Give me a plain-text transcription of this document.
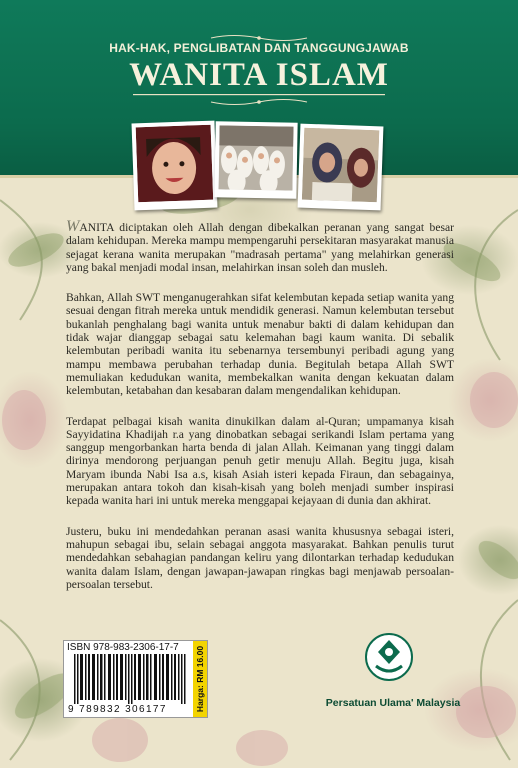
HAK-HAK, PENGLIBATAN DAN TANGGUNGJAWAB
WANITA ISLAM

WANITA diciptakan oleh Allah dengan dibekalkan peranan yang sangat besar dalam kehidupan. Mereka mampu mempengaruhi persekitaran masyarakat manusia sejagat kerana wanita merupakan "madrasah pertama" yang melahirkan generasi yang bakal menjadi modal insan, melahirkan insan soleh dan musleh.

Bahkan, Allah SWT menganugerahkan sifat kelembutan kepada setiap wanita yang sesuai dengan fitrah mereka untuk mendidik generasi. Namun kelembutan tersebut bukanlah penghalang bagi wanita untuk menabur bakti di dalam kehidupan dan tidak wajar dianggap sebagai satu kelemahan bagi kaum wanita. Di sebalik kelembutan peribadi wanita itu sebenarnya tersembunyi peribadi agung yang mampu membawa perubahan terhadap dunia. Begitulah betapa Allah SWT memuliakan kedudukan wanita, membekalkan wanita dengan kekuatan dalam kelembutan, ketabahan dan kesabaran dalam mengendalikan kehidupan.

Terdapat pelbagai kisah wanita dinukilkan dalam al-Quran; umpamanya kisah Sayyidatina Khadijah r.a yang dinobatkan sebagai serikandi Islam pertama yang sanggup mengorbankan harta benda di jalan Allah. Keimanan yang tinggi dalam dirinya mendorong perjuangan penuh getir menuju Allah. Begitu juga, kisah Maryam ibunda Nabi Isa a.s, kisah Asiah isteri kepada Firaun, dan sebagainya, merupakan antara tokoh dan kisah-kisah yang boleh menjadi sumber inspirasi kepada wanita hari ini untuk mereka menggapai kejayaan di dunia dan akhirat.

Justeru, buku ini mendedahkan peranan asasi wanita khususnya sebagai isteri, mahupun sebagai ibu, selain sebagai anggota masyarakat. Bahkan penulis turut mendedahkan sebahagian pandangan keliru yang dilontarkan terhadap kedudukan wanita dalam Islam, dengan jawapan-jawapan ringkas bagi menjawab persoalan-persoalan tersebut.

ISBN 978-983-2306-17-7
9 789832 306177	Harga: RM 16.00	Persatuan Ulama' Malaysia
